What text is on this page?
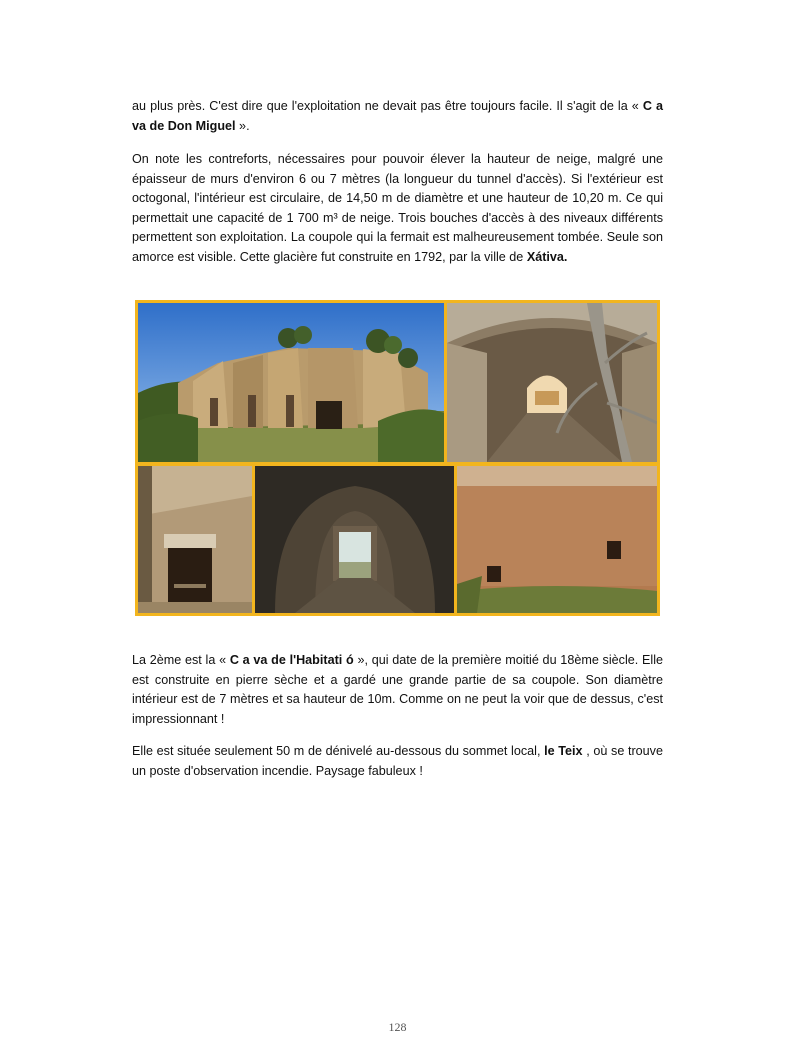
au plus près. C'est dire que l'exploitation ne devait pas être toujours facile. Il s'agit de la « C a va de Don Miguel ».

On note les contreforts, nécessaires pour pouvoir élever la hauteur de neige, malgré une épaisseur de murs d'environ 6 ou 7 mètres (la longueur du tunnel d'accès). Si l'extérieur est octogonal, l'intérieur est circulaire, de 14,50 m de diamètre et une hauteur de 10,20 m. Ce qui permettait une capacité de 1 700 m³ de neige. Trois bouches d'accès à des niveaux différents permettent son exploitation. La coupole qui la fermait est malheureusement tombée. Seule son amorce est visible. Cette glacière fut construite en 1792, par la ville de Xátiva.

La 2ème est la « C a va de l'Habitati ó », qui date de la première moitié du 18ème siècle. Elle est construite en pierre sèche et a gardé une grande partie de sa coupole. Son diamètre intérieur est de 7 mètres et sa hauteur de 10m. Comme on ne peut la voir que de dessus, c'est impressionnant !

Elle est située seulement 50 m de dénivelé au-dessous du sommet local, le Teix , où se trouve un poste d'observation incendie. Paysage fabuleux !

128
